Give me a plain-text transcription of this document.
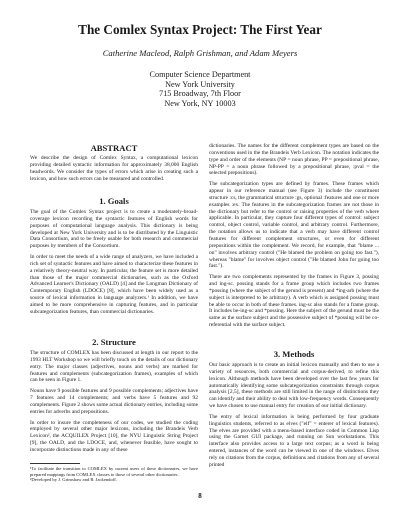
The Comlex Syntax Project: The First Year
Catherine Macleod, Ralph Grishman, and Adam Meyers
Computer Science Department
New York University
715 Broadway, 7th Floor
New York, NY 10003

ABSTRACT

We describe the design of Comlex Syntax, a computational lexicon providing detailed syntactic information for approximately 38,000 English headwords. We consider the types of errors which arise in creating such a lexicon, and how such errors can be measured and controlled.

1. Goals

The goal of the Comlex Syntax project is to create a moderately-broad-coverage lexicon recording the syntactic features of English words for purposes of computational language analysis. This dictionary is being developed at New York University and is to be distributed by the Linguistic Data Consortium, and to be freely usable for both research and commercial purposes by members of the Consortium.

In order to meet the needs of a wide range of analyzers, we have included a rich set of syntactic features and have aimed to characterize these features in a relatively theory-neutral way. In particular, the feature set is more detailed than those of the major commercial dictionaries, such as the Oxford Advanced Learner's Dictionary (OALD) [4] and the Longman Dictionary of Contemporary English (LDOCE) [8], which have been widely used as a source of lexical information in language analyzers.¹ In addition, we have aimed to be more comprehensive in capturing features, and in particular subcategorization features, than commercial dictionaries.

2. Structure

The structure of COMLEX has been discussed at length in our report to the 1993 HLT Workshop so we will briefly touch on the details of our dictionary entry. The major classes (adjectives, nouns and verbs) are marked for features and complements (subcategorization frames), examples of which can be seen in Figure 1.

Nouns have 9 possible features and 9 possible complements; adjectives have 7 features and 14 complements; and verbs have 5 features and 92 complements. Figure 2 shows some actual dictionary entries, including some entries for adverbs and prepositions.

In order to insure the completeness of our codes, we studied the coding employed by several other major lexicons, including the Brandeis Verb Lexicon², the ACQUILEX Project [10], the NYU Linguistic String Project [9], the OALD, and the LDOCE, and, whenever feasible, have sought to incorporate distinctions made in any of these

¹To facilitate the transition to COMLEX by current users of these dictionaries, we have prepared mappings from COMLEX classes to those of several other dictionaries.

²Developed by J. Grimshaw and R. Jackendoff.

dictionaries. The names for the different complement types are based on the conventions used in the the Brandeis Verb Lexicon. The notation indicates the type and order of the elements (NP = noun phrase, PP = prepositional phrase, NP-PP = a noun phrase followed by a prepositional phrase, :pval = the selected prepositions).

The subcategorization types are defined by frames. These frames which appear in our reference manual (see Figure 3) include the constituent structure :cs, the grammatical structure :gs, optional :features and one or more examples :ex. The features in the subcategorization frames are not those in the dictionary but refer to the control or raising properties of the verb where applicable. In particular, they capture four different types of control: subject control, object control, variable control, and arbitrary control. Furthermore, the notation allows us to indicate that a verb may have different control features for different complement structures, or even for different prepositions within the complement. We record, for example, that "blame ... on" involves arbitrary control ("He blamed the problem on going too fast."), whereas "blame" for involves object control ("He blamed John for going too fast.").

There are two complements represented by the frames in Figure 3, possing and ing-sc. possing stands for a frame group which includes two frames *possing (where the subject of the gerund is present) and *ing-arb (where the subject is interpreted to be arbitrary). A verb which is assigned possing must be able to occur in both of these frames. ing-sc also stands for a frame group. It includes be-ing-sc and *possing. Here the subject of the gerund must be the same as the surface subject and the possessive subject of *possing will be co-referential with the surface subject.

3. Methods

Our basic approach is to create an initial lexicon manually and then to use a variety of resources, both commercial and corpus-derived, to refine this lexicon. Although methods have been developed over the last few years for automatically identifying some subcategorization constraints through corpus analysis [2,5], these methods are still limited in the range of distinctions they can identify and their ability to deal with low-frequency words. Consequently we have chosen to use manual entry for creation of our initial dictionary.

The entry of lexical information is being performed by four graduate linguistics students, referred to as elves ("elf" = enterer of lexical features). The elves are provided with a menu-based interface coded in Common Lisp using the Garnet GUI package, and running on Sun workstations. This interface also provides access to a large text corpus; as a word is being entered, instances of the word can be viewed in one of the windows. Elves rely on citations from the corpus, definitions and citations from any of several printed

8
